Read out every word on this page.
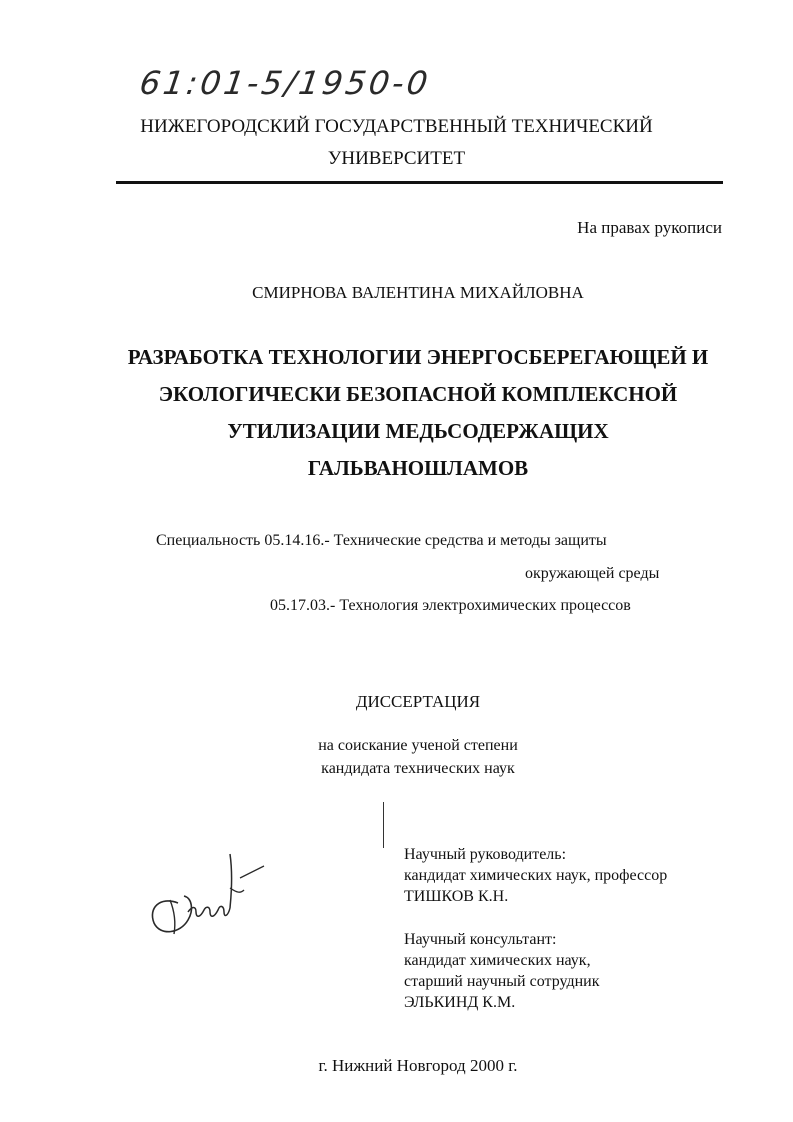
61:01-5/1950-0
НИЖЕГОРОДСКИЙ ГОСУДАРСТВЕННЫЙ ТЕХНИЧЕСКИЙ
УНИВЕРСИТЕТ
На правах рукописи
СМИРНОВА ВАЛЕНТИНА МИХАЙЛОВНА
РАЗРАБОТКА ТЕХНОЛОГИИ ЭНЕРГОСБЕРЕГАЮЩЕЙ И
ЭКОЛОГИЧЕСКИ БЕЗОПАСНОЙ КОМПЛЕКСНОЙ
УТИЛИЗАЦИИ МЕДЬСОДЕРЖАЩИХ
ГАЛЬВАНОШЛАМОВ
Специальность 05.14.16.- Технические средства и методы защиты
окружающей среды
05.17.03.- Технология электрохимических процессов
ДИССЕРТАЦИЯ
на соискание ученой степени
кандидата технических наук
Научный руководитель:
кандидат химических наук, профессор
ТИШКОВ К.Н.
Научный консультант:
кандидат химических наук,
старший научный сотрудник
ЭЛЬКИНД К.М.
г. Нижний Новгород 2000 г.
